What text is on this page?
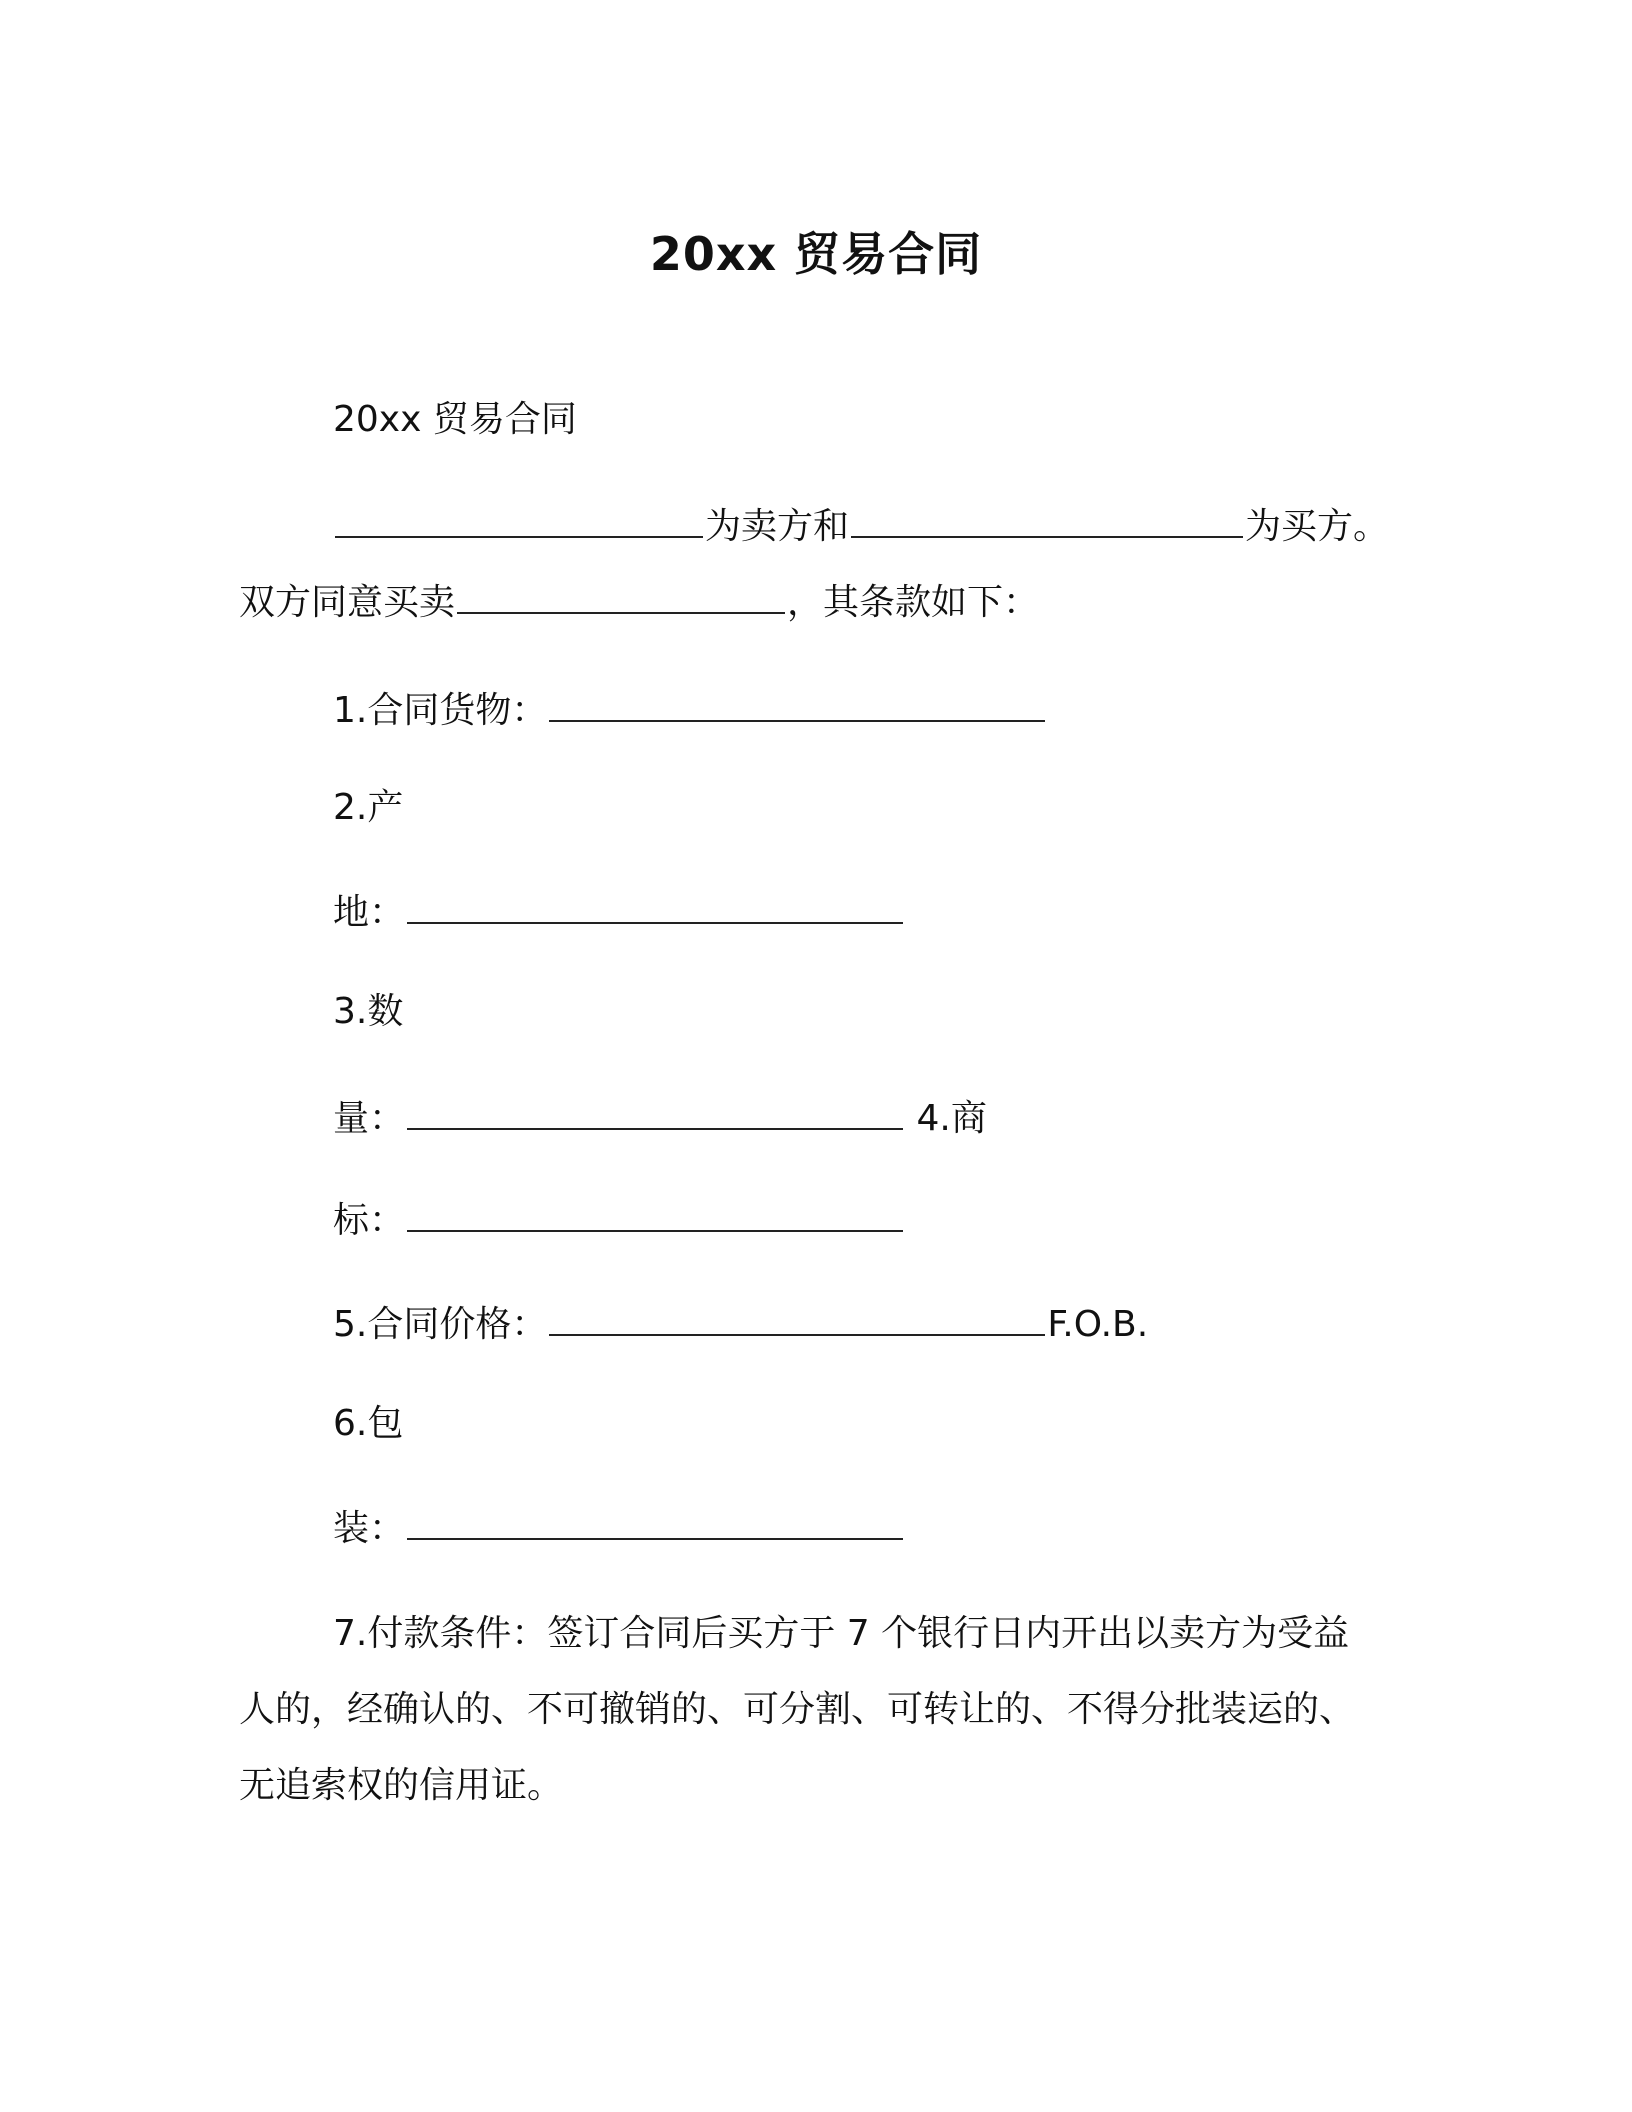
20xx 贸易合同
20xx 贸易合同
为卖方和	为买方。
双方同意买卖	，其条款如下：
1.合同货物：
2.产
地：
3.数
量：	4.商
标：
5.合同价格：	F.O.B.
6.包
装：
7.付款条件：签订合同后买方于 7 个银行日内开出以卖方为受益
人的，经确认的、不可撤销的、可分割、可转让的、不得分批装运的、
无追索权的信用证。
